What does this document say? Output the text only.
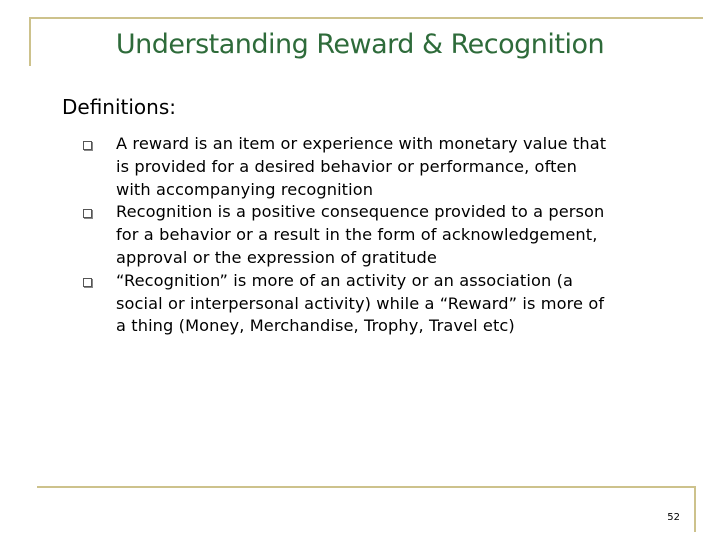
Understanding Reward & Recognition
Definitions:
A reward is an item or experience with monetary value that
is provided for a desired behavior or performance, often
with accompanying recognition
Recognition is a positive consequence provided to a person
for a behavior or a result in the form of acknowledgement,
approval or the expression of gratitude
“Recognition” is more of an activity or an association (a
social or interpersonal activity) while a “Reward” is more of
a thing (Money, Merchandise, Trophy, Travel etc)
52
